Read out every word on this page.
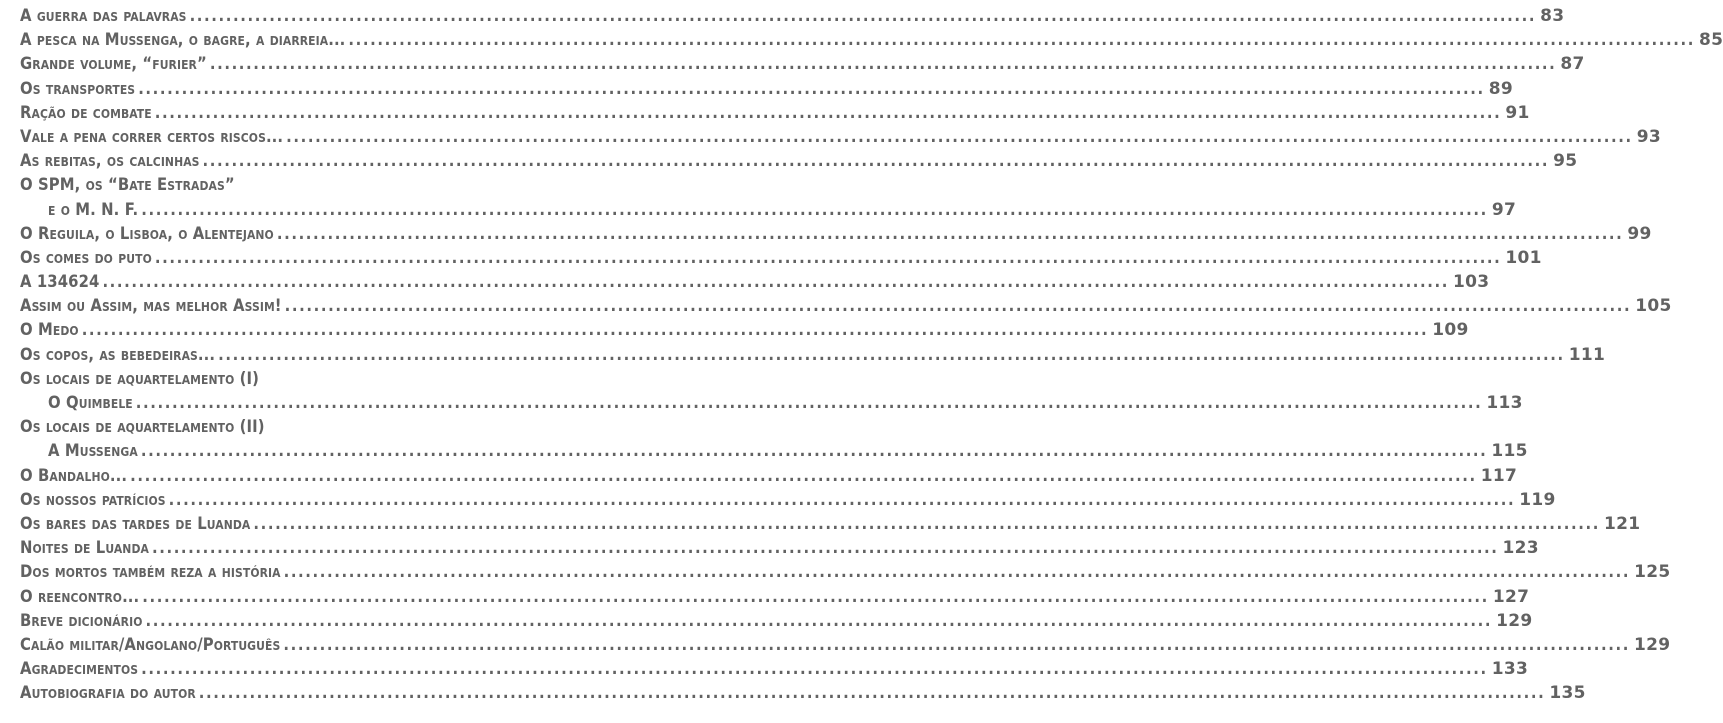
A guerra das palavras .....	83
A pesca na Mussenga, o bagre, a diarreia... .....	85
Grande volume, “furier” .....	87
Os transportes .....	89
Ração de combate .....	91
Vale a pena correr certos riscos... .....	93
As rebitas, os calcinhas .....	95
O SPM, os “Bate Estradas”
e o M. N. F. .....	97
O Reguila, o Lisboa, o Alentejano .....	99
Os comes do puto .....	101
A 134624 .....	103
Assim ou Assim, mas melhor Assim! .....	105
O Medo .....	109
Os copos, as bebedeiras... .....	111
Os locais de aquartelamento (I)
O Quimbele .....	113
Os locais de aquartelamento (II)
A Mussenga .....	115
O Bandalho... .....	117
Os nossos patrícios .....	119
Os bares das tardes de Luanda .....	121
Noites de Luanda .....	123
Dos mortos também reza a história .....	125
O reencontro... .....	127
Breve dicionário .....	129
Calão militar/Angolano/Português .....	129
Agradecimentos .....	133
Autobiografia do autor .....	135
